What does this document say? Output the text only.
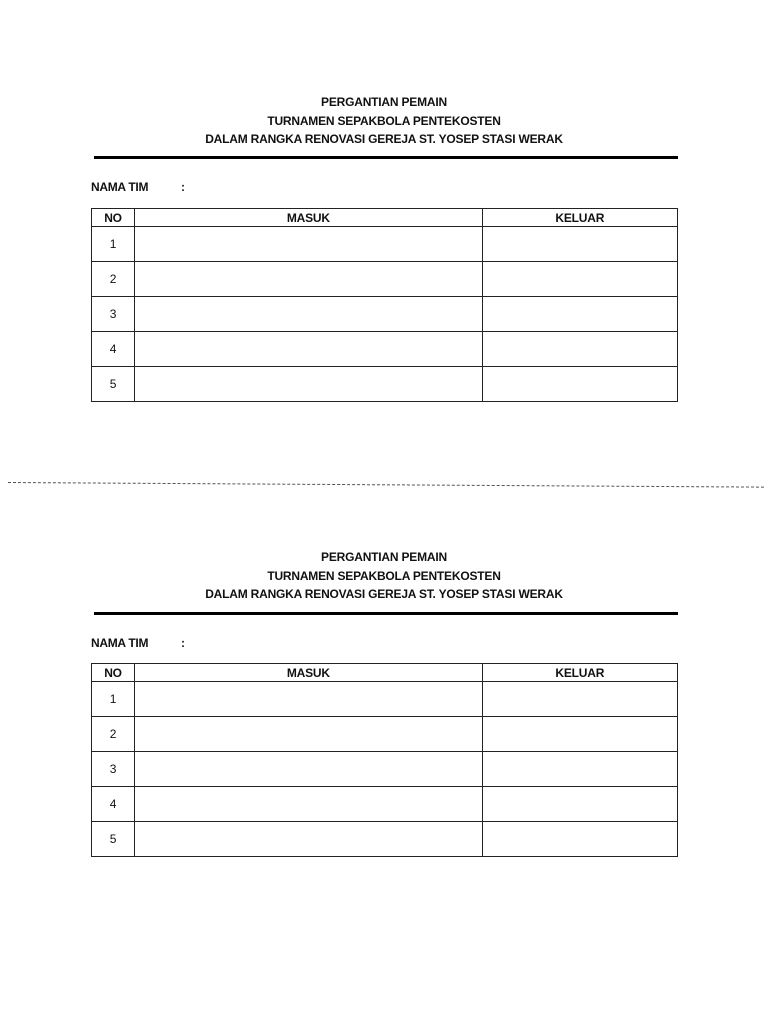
PERGANTIAN PEMAIN
TURNAMEN SEPAKBOLA PENTEKOSTEN
DALAM RANGKA RENOVASI GEREJA ST. YOSEP STASI WERAK
NAMA TIM	:
NO	MASUK	KELUAR
1		
2		
3		
4		
5		
PERGANTIAN PEMAIN
TURNAMEN SEPAKBOLA PENTEKOSTEN
DALAM RANGKA RENOVASI GEREJA ST. YOSEP STASI WERAK
NAMA TIM	:
NO	MASUK	KELUAR
1		
2		
3		
4		
5		
